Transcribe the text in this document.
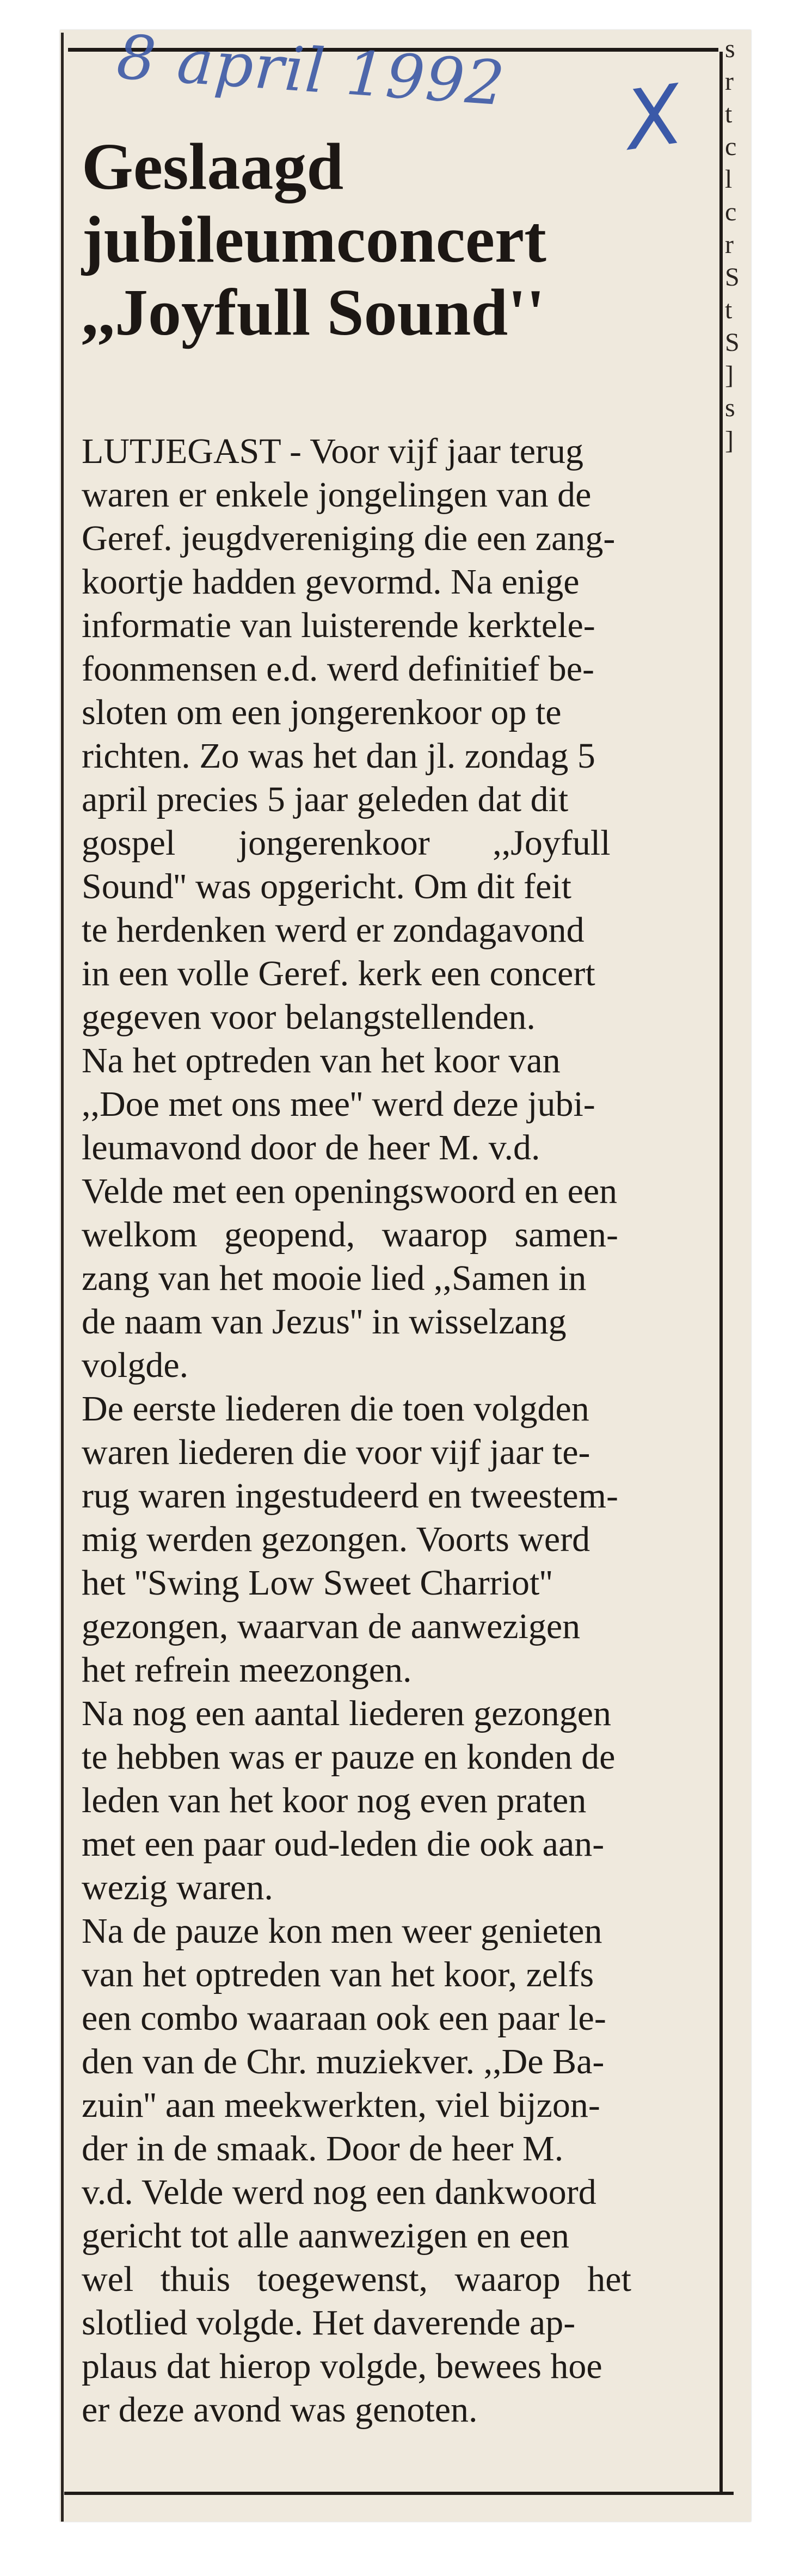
s
r
t
c
l
c
r
S
t
S
]
s
]
8 april 1992 X
Geslaagd
jubileumconcert
,,Joyfull Sound''

LUTJEGAST - Voor vijf jaar terug
waren er enkele jongelingen van de
Geref. jeugdvereniging die een zang-
koortje hadden gevormd. Na enige
informatie van luisterende kerktele-
foonmensen e.d. werd definitief be-
sloten om een jongerenkoor op te
richten. Zo was het dan jl. zondag 5
april precies 5 jaar geleden dat dit
gospel       jongerenkoor       ,,Joyfull
Sound'' was opgericht. Om dit feit
te herdenken werd er zondagavond
in een volle Geref. kerk een concert
gegeven voor belangstellenden.

Na het optreden van het koor van
,,Doe met ons mee'' werd deze jubi-
leumavond door de heer M. v.d.
Velde met een openingswoord en een
welkom   geopend,   waarop   samen-
zang van het mooie lied ,,Samen in
de naam van Jezus'' in wisselzang
volgde.

De eerste liederen die toen volgden
waren liederen die voor vijf jaar te-
rug waren ingestudeerd en tweestem-
mig werden gezongen. Voorts werd
het ''Swing Low Sweet Charriot''
gezongen, waarvan de aanwezigen
het refrein meezongen.

Na nog een aantal liederen gezongen
te hebben was er pauze en konden de
leden van het koor nog even praten
met een paar oud-leden die ook aan-
wezig waren.

Na de pauze kon men weer genieten
van het optreden van het koor, zelfs
een combo waaraan ook een paar le-
den van de Chr. muziekver. ,,De Ba-
zuin'' aan meekwerkten, viel bijzon-
der in de smaak. Door de heer M.
v.d. Velde werd nog een dankwoord
gericht tot alle aanwezigen en een
wel   thuis   toegewenst,   waarop   het
slotlied volgde. Het daverende ap-
plaus dat hierop volgde, bewees hoe
er deze avond was genoten.
